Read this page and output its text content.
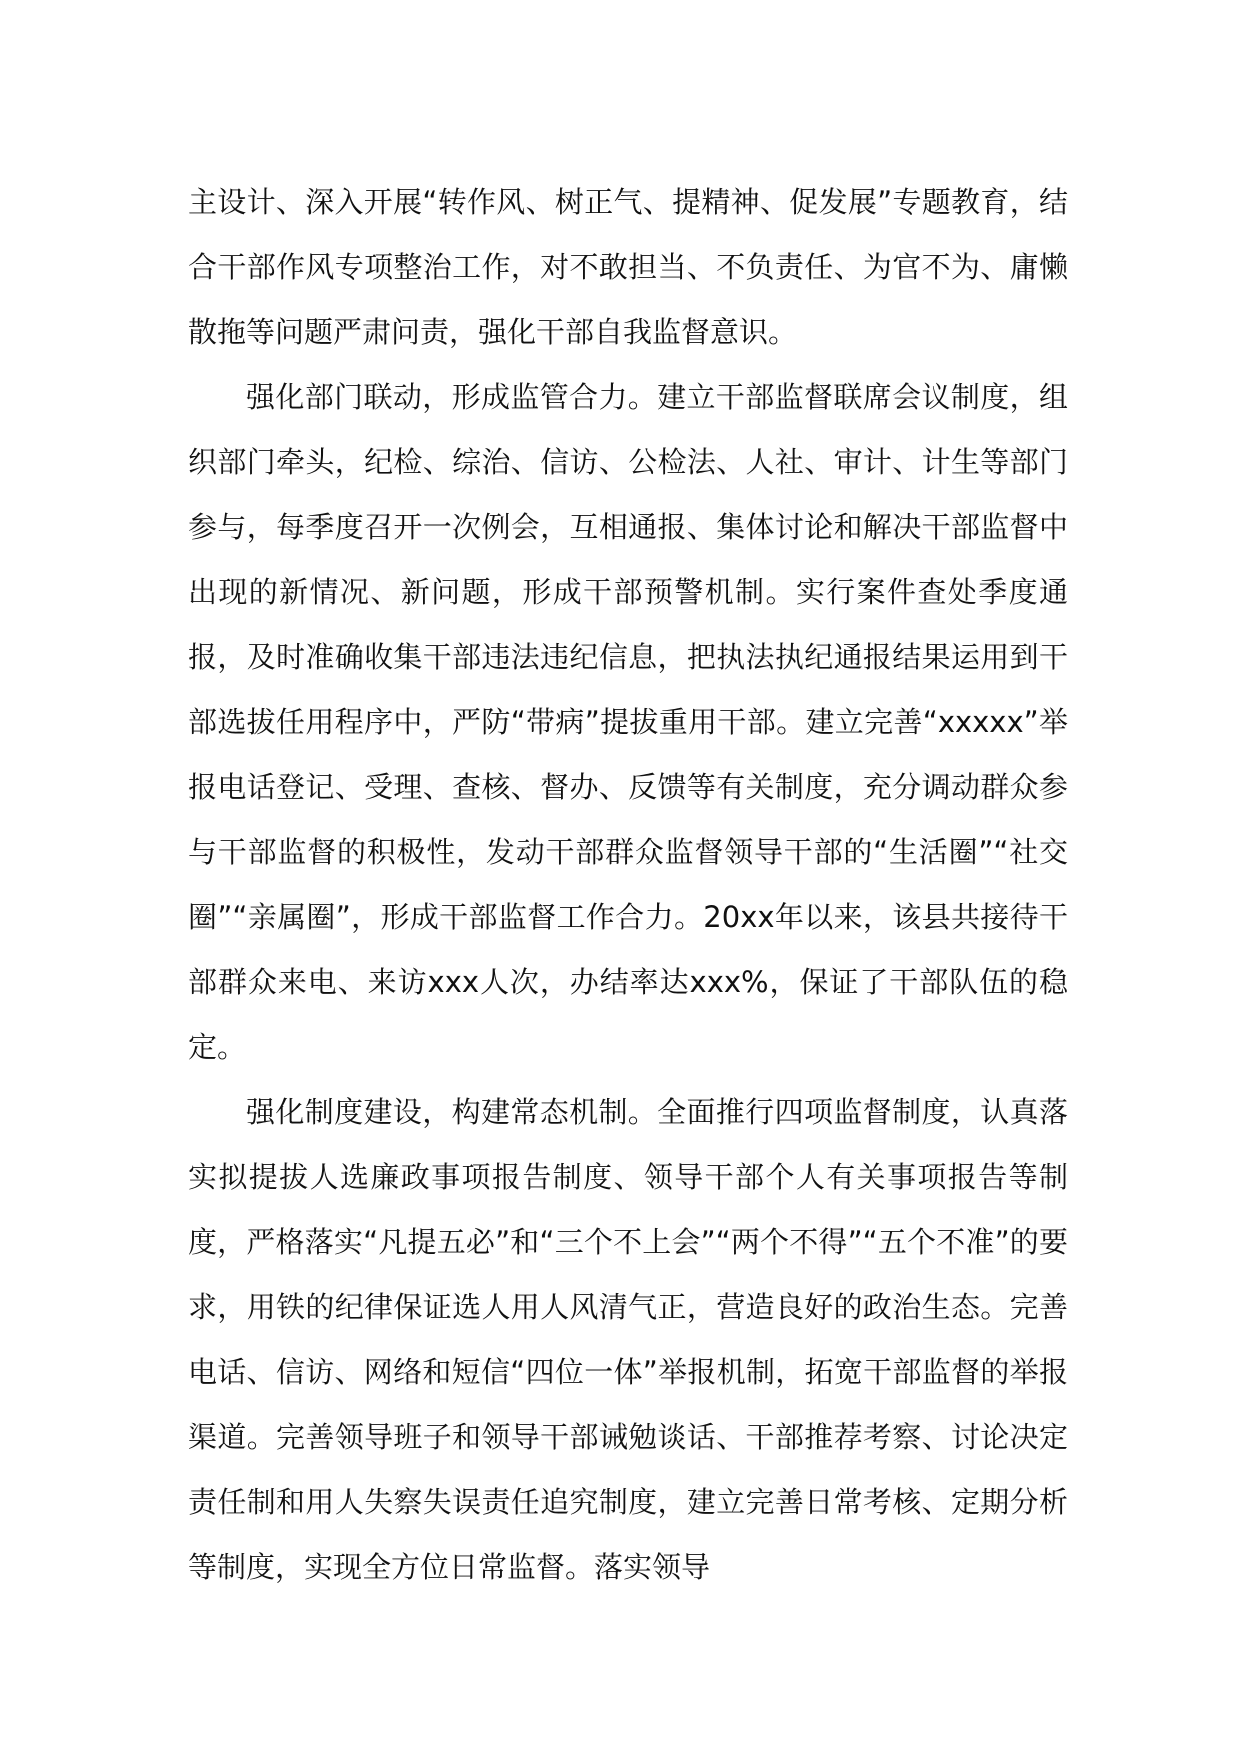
主设计、深入开展“转作风、树正气、提精神、促发展”专题教育，结合干部作风专项整治工作，对不敢担当、不负责任、为官不为、庸懒散拖等问题严肃问责，强化干部自我监督意识。

强化部门联动，形成监管合力。建立干部监督联席会议制度，组织部门牵头，纪检、综治、信访、公检法、人社、审计、计生等部门参与，每季度召开一次例会，互相通报、集体讨论和解决干部监督中出现的新情况、新问题，形成干部预警机制。实行案件查处季度通报，及时准确收集干部违法违纪信息，把执法执纪通报结果运用到干部选拔任用程序中，严防“带病”提拔重用干部。建立完善“xxxxx”举报电话登记、受理、查核、督办、反馈等有关制度，充分调动群众参与干部监督的积极性，发动干部群众监督领导干部的“生活圈”“社交圈”“亲属圈”，形成干部监督工作合力。20xx年以来，该县共接待干部群众来电、来访xxx人次，办结率达xxx%，保证了干部队伍的稳定。

强化制度建设，构建常态机制。全面推行四项监督制度，认真落实拟提拔人选廉政事项报告制度、领导干部个人有关事项报告等制度，严格落实“凡提五必”和“三个不上会”“两个不得”“五个不准”的要求，用铁的纪律保证选人用人风清气正，营造良好的政治生态。完善电话、信访、网络和短信“四位一体”举报机制，拓宽干部监督的举报渠道。完善领导班子和领导干部诫勉谈话、干部推荐考察、讨论决定责任制和用人失察失误责任追究制度，建立完善日常考核、定期分析等制度，实现全方位日常监督。落实领导
